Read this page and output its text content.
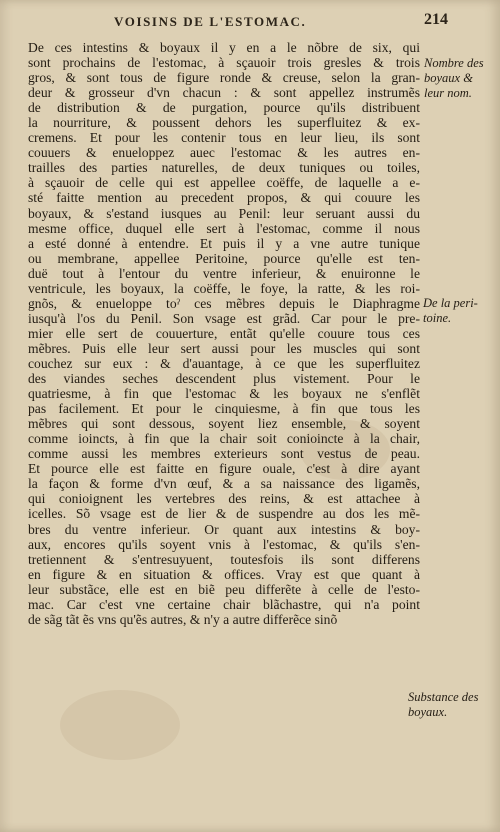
VOISINS DE L'ESTOMAC.	214
De ces intestins & boyaux il y en a le nõbre de six, qui
sont prochains de l'estomac, à sçauoir trois gresles & trois
gros, & sont tous de figure ronde & creuse, selon la gran-
deur & grosseur d'vn chacun : & sont appellez instrumẽs
de distribution & de purgation, pource qu'ils distribuent
la nourriture, & poussent dehors les superfluitez & ex-
cremens. Et pour les contenir tous en leur lieu, ils sont
couuers & enueloppez auec l'estomac & les autres en-
trailles des parties naturelles, de deux tuniques ou toiles,
à sçauoir de celle qui est appellee coëffe, de laquelle a e-
sté faitte mention au precedent propos, & qui couure les
boyaux, & s'estand iusques au Penil: leur seruant aussi du
mesme office, duquel elle sert à l'estomac, comme il nous
a esté donné à entendre. Et puis il y a vne autre tunique
ou membrane, appellee Peritoine, pource qu'elle est ten-
duë tout à l'entour du ventre inferieur, & enuironne le
ventricule, les boyaux, la coëffe, le foye, la ratte, & les roi-
gnõs, & enueloppe toˀ ces mẽbres depuis le Diaphragme
iusqu'à l'os du Penil. Son vsage est grãd. Car pour le pre-
mier elle sert de couuerture, entãt qu'elle couure tous ces
mẽbres. Puis elle leur sert aussi pour les muscles qui sont
couchez sur eux : & d'auantage, à ce que les superfluitez
des viandes seches descendent plus vistement. Pour le
quatriesme, à fin que l'estomac & les boyaux ne s'enflẽt
pas facilement. Et pour le cinquiesme, à fin que tous les
mẽbres qui sont dessous, soyent liez ensemble, & soyent
comme ioincts, à fin que la chair soit conioincte à la chair,
comme aussi les membres exterieurs sont vestus de peau.
Et pource elle est faitte en figure ouale, c'est à dire ayant
la façon & forme d'vn œuf, & a sa naissance des ligamẽs,
qui conioignent les vertebres des reins, & est attachee à
icelles. Sõ vsage est de lier & de suspendre au dos les mẽ-
bres du ventre inferieur. Or quant aux intestins & boy-
aux, encores qu'ils soyent vnis à l'estomac, & qu'ils s'en-
tretiennent & s'entresuyuent, toutesfois ils sont differens
en figure & en situation & offices. Vray est que quant à
leur substãce, elle est en biẽ peu differẽte à celle de l'esto-
mac. Car c'est vne certaine chair blãchastre, qui n'a point
de sãg tãt ẽs vns qu'ẽs autres, & n'y a autre differẽce sinõ
Nombre des
boyaux &
leur nom.
De la peri-
toine.
Substance des
boyaux.
